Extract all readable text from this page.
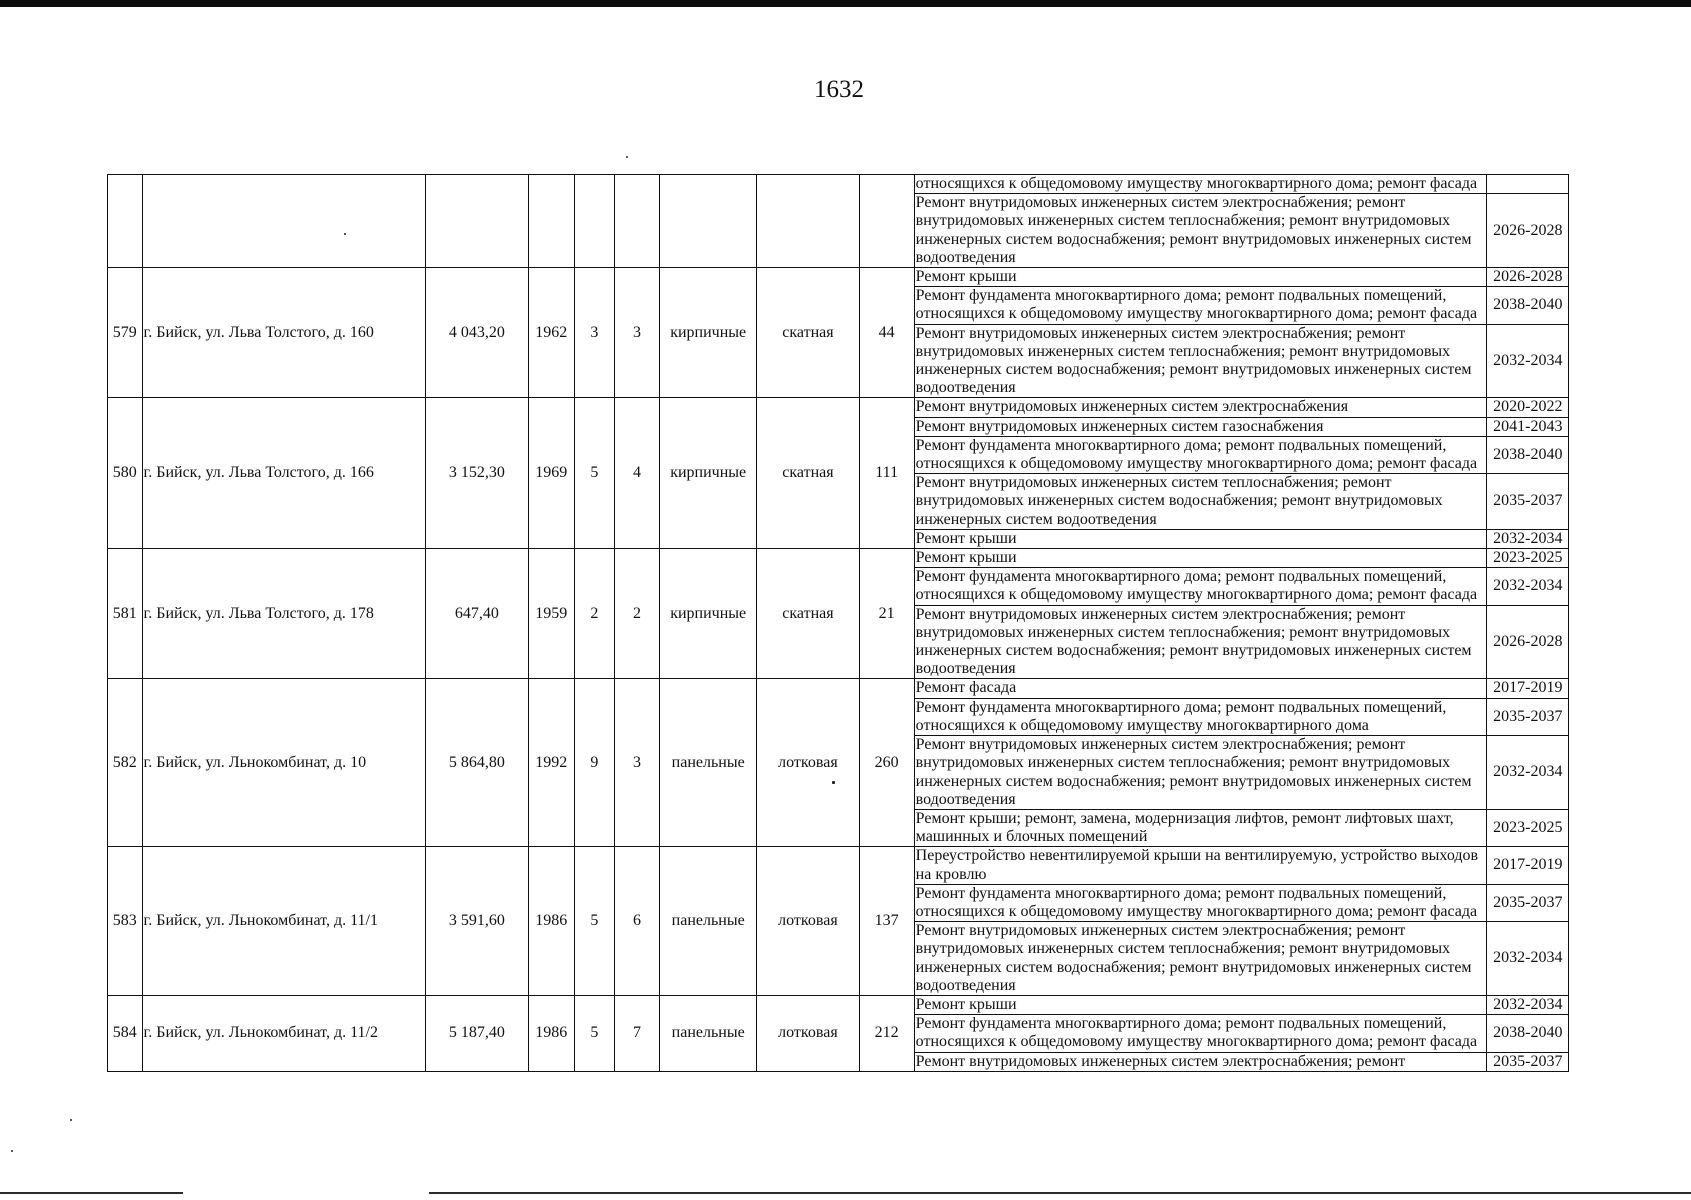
1632
									относящихся к общедомовому имуществу многоквартирного дома; ремонт фасада	
									Ремонт внутридомовых инженерных систем электроснабжения; ремонт внутридомовых инженерных систем теплоснабжения; ремонт внутридомовых инженерных систем водоснабжения; ремонт внутридомовых инженерных систем водоотведения	2026-2028
579	г. Бийск, ул. Льва Толстого, д. 160	4 043,20	1962	3	3	кирпичные	скатная	44	Ремонт крыши	2026-2028
									Ремонт фундамента многоквартирного дома; ремонт подвальных помещений, относящихся к общедомовому имуществу многоквартирного дома; ремонт фасада	2038-2040
									Ремонт внутридомовых инженерных систем электроснабжения; ремонт внутридомовых инженерных систем теплоснабжения; ремонт внутридомовых инженерных систем водоснабжения; ремонт внутридомовых инженерных систем водоотведения	2032-2034
580	г. Бийск, ул. Льва Толстого, д. 166	3 152,30	1969	5	4	кирпичные	скатная	111	Ремонт внутридомовых инженерных систем электроснабжения	2020-2022
									Ремонт внутридомовых инженерных систем газоснабжения	2041-2043
									Ремонт фундамента многоквартирного дома; ремонт подвальных помещений, относящихся к общедомовому имуществу многоквартирного дома; ремонт фасада	2038-2040
									Ремонт внутридомовых инженерных систем теплоснабжения; ремонт внутридомовых инженерных систем водоснабжения; ремонт внутридомовых инженерных систем водоотведения	2035-2037
									Ремонт крыши	2032-2034
581	г. Бийск, ул. Льва Толстого, д. 178	647,40	1959	2	2	кирпичные	скатная	21	Ремонт крыши	2023-2025
									Ремонт фундамента многоквартирного дома; ремонт подвальных помещений, относящихся к общедомовому имуществу многоквартирного дома; ремонт фасада	2032-2034
									Ремонт внутридомовых инженерных систем электроснабжения; ремонт внутридомовых инженерных систем теплоснабжения; ремонт внутридомовых инженерных систем водоснабжения; ремонт внутридомовых инженерных систем водоотведения	2026-2028
582	г. Бийск, ул. Льнокомбинат, д. 10	5 864,80	1992	9	3	панельные	лотковая	260	Ремонт фасада	2017-2019
									Ремонт фундамента многоквартирного дома; ремонт подвальных помещений, относящихся к общедомовому имуществу многоквартирного дома	2035-2037
									Ремонт внутридомовых инженерных систем электроснабжения; ремонт внутридомовых инженерных систем теплоснабжения; ремонт внутридомовых инженерных систем водоснабжения; ремонт внутридомовых инженерных систем водоотведения	2032-2034
									Ремонт крыши; ремонт, замена, модернизация лифтов, ремонт лифтовых шахт, машинных и блочных помещений	2023-2025
583	г. Бийск, ул. Льнокомбинат, д. 11/1	3 591,60	1986	5	6	панельные	лотковая	137	Переустройство невентилируемой крыши на вентилируемую, устройство выходов на кровлю	2017-2019
									Ремонт фундамента многоквартирного дома; ремонт подвальных помещений, относящихся к общедомовому имуществу многоквартирного дома; ремонт фасада	2035-2037
									Ремонт внутридомовых инженерных систем электроснабжения; ремонт внутридомовых инженерных систем теплоснабжения; ремонт внутридомовых инженерных систем водоснабжения; ремонт внутридомовых инженерных систем водоотведения	2032-2034
584	г. Бийск, ул. Льнокомбинат, д. 11/2	5 187,40	1986	5	7	панельные	лотковая	212	Ремонт крыши	2032-2034
									Ремонт фундамента многоквартирного дома; ремонт подвальных помещений, относящихся к общедомовому имуществу многоквартирного дома; ремонт фасада	2038-2040
									Ремонт внутридомовых инженерных систем электроснабжения; ремонт	2035-2037
